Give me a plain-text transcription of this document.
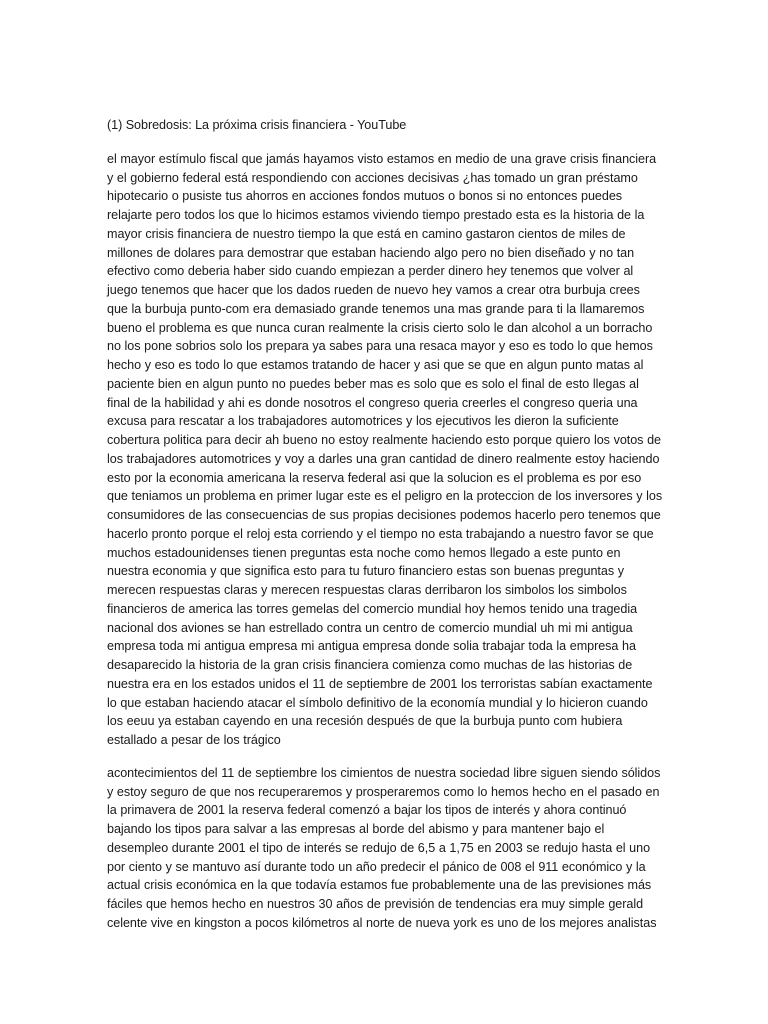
(1) Sobredosis: La próxima crisis financiera - YouTube

el mayor estímulo fiscal que jamás hayamos visto estamos en medio de una grave crisis financiera y el gobierno federal está respondiendo con acciones decisivas ¿has tomado un gran préstamo hipotecario o pusiste tus ahorros en acciones fondos mutuos o bonos si no entonces puedes relajarte pero todos los que lo hicimos estamos viviendo tiempo prestado esta es la historia de la mayor crisis financiera de nuestro tiempo la que está en camino gastaron cientos de miles de millones de dolares para demostrar que estaban haciendo algo pero no bien diseñado y no tan efectivo como deberia haber sido cuando empiezan a perder dinero hey tenemos que volver al juego tenemos que hacer que los dados rueden de nuevo hey vamos a crear otra burbuja crees que la burbuja punto-com era demasiado grande tenemos una mas grande para ti la llamaremos bueno el problema es que nunca curan realmente la crisis cierto solo le dan alcohol a un borracho no los pone sobrios solo los prepara ya sabes para una resaca mayor y eso es todo lo que hemos hecho y eso es todo lo que estamos tratando de hacer y asi que se que en algun punto matas al paciente bien en algun punto no puedes beber mas es solo que es solo el final de esto llegas al final de la habilidad y ahi es donde nosotros el congreso queria creerles el congreso queria una excusa para rescatar a los trabajadores automotrices y los ejecutivos les dieron la suficiente cobertura politica para decir ah bueno no estoy realmente haciendo esto porque quiero los votos de los trabajadores automotrices y voy a darles una gran cantidad de dinero realmente estoy haciendo esto por la economia americana la reserva federal asi que la solucion es el problema es por eso que teniamos un problema en primer lugar este es el peligro en la proteccion de los inversores y los consumidores de las consecuencias de sus propias decisiones podemos hacerlo pero tenemos que hacerlo pronto porque el reloj esta corriendo y el tiempo no esta trabajando a nuestro favor se que muchos estadounidenses tienen preguntas esta noche como hemos llegado a este punto en nuestra economia y que significa esto para tu futuro financiero estas son buenas preguntas y merecen respuestas claras y merecen respuestas claras derribaron los simbolos los simbolos financieros de america las torres gemelas del comercio mundial hoy hemos tenido una tragedia nacional dos aviones se han estrellado contra un centro de comercio mundial uh mi mi antigua empresa toda mi antigua empresa mi antigua empresa donde solia trabajar toda la empresa ha desaparecido la historia de la gran crisis financiera comienza como muchas de las historias de nuestra era en los estados unidos el 11 de septiembre de 2001 los terroristas sabían exactamente lo que estaban haciendo atacar el símbolo definitivo de la economía mundial y lo hicieron cuando los eeuu ya estaban cayendo en una recesión después de que la burbuja punto com hubiera estallado a pesar de los trágico

acontecimientos del 11 de septiembre los cimientos de nuestra sociedad libre siguen siendo sólidos y estoy seguro de que nos recuperaremos y prosperaremos como lo hemos hecho en el pasado en la primavera de 2001 la reserva federal comenzó a bajar los tipos de interés y ahora continuó bajando los tipos para salvar a las empresas al borde del abismo y para mantener bajo el desempleo durante 2001 el tipo de interés se redujo de 6,5 a 1,75 en 2003 se redujo hasta el uno por ciento y se mantuvo así durante todo un año predecir el pánico de 008 el 911 económico y la actual crisis económica en la que todavía estamos fue probablemente una de las previsiones más fáciles que hemos hecho en nuestros 30 años de previsión de tendencias era muy simple gerald celente vive en kingston a pocos kilómetros al norte de nueva york es uno de los mejores analistas
